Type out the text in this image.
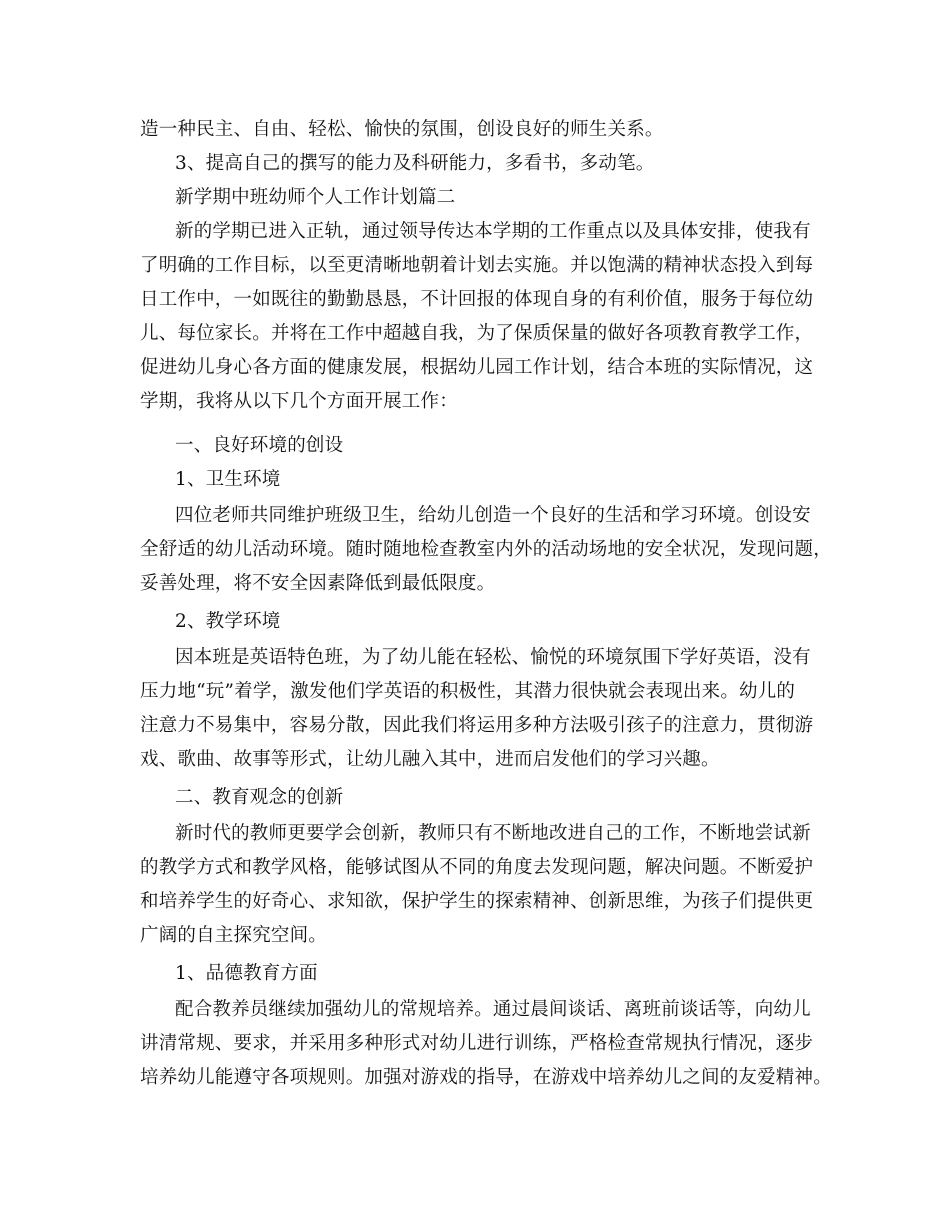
造一种民主、自由、轻松、愉快的氛围，创设良好的师生关系。
3、提高自己的撰写的能力及科研能力，多看书，多动笔。
新学期中班幼师个人工作计划篇二
新的学期已进入正轨，通过领导传达本学期的工作重点以及具体安排，使我有
了明确的工作目标，以至更清晰地朝着计划去实施。并以饱满的精神状态投入到每
日工作中，一如既往的勤勤恳恳，不计回报的体现自身的有利价值，服务于每位幼
儿、每位家长。并将在工作中超越自我，为了保质保量的做好各项教育教学工作，
促进幼儿身心各方面的健康发展，根据幼儿园工作计划，结合本班的实际情况，这
学期，我将从以下几个方面开展工作：
一、良好环境的创设
1、卫生环境
四位老师共同维护班级卫生，给幼儿创造一个良好的生活和学习环境。创设安
全舒适的幼儿活动环境。随时随地检查教室内外的活动场地的安全状况，发现问题，
妥善处理，将不安全因素降低到最低限度。
2、教学环境
因本班是英语特色班，为了幼儿能在轻松、愉悦的环境氛围下学好英语，没有
压力地“玩”着学，激发他们学英语的积极性，其潜力很快就会表现出来。幼儿的
注意力不易集中，容易分散，因此我们将运用多种方法吸引孩子的注意力，贯彻游
戏、歌曲、故事等形式，让幼儿融入其中，进而启发他们的学习兴趣。
二、教育观念的创新
新时代的教师更要学会创新，教师只有不断地改进自己的工作，不断地尝试新
的教学方式和教学风格，能够试图从不同的角度去发现问题，解决问题。不断爱护
和培养学生的好奇心、求知欲，保护学生的探索精神、创新思维，为孩子们提供更
广阔的自主探究空间。
1、品德教育方面
配合教养员继续加强幼儿的常规培养。通过晨间谈话、离班前谈话等，向幼儿
讲清常规、要求，并采用多种形式对幼儿进行训练，严格检查常规执行情况，逐步
培养幼儿能遵守各项规则。加强对游戏的指导，在游戏中培养幼儿之间的友爱精神。
